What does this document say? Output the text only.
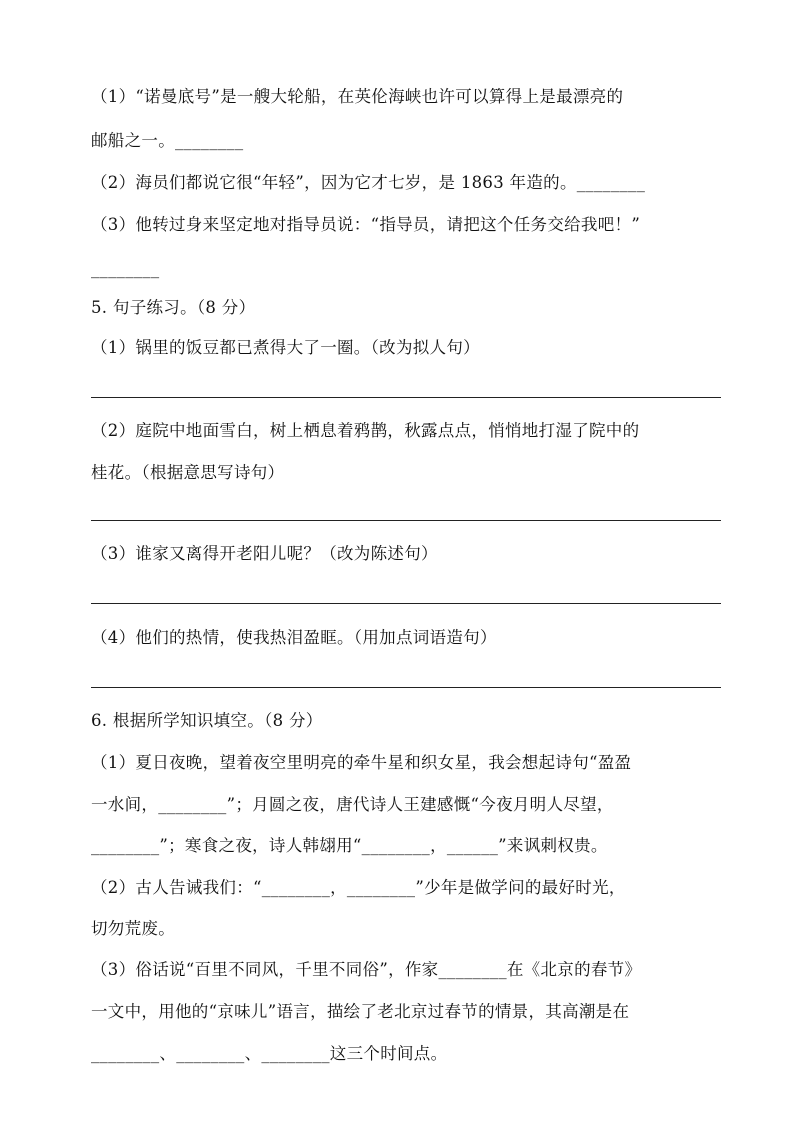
（1）“诺曼底号”是一艘大轮船，在英伦海峡也许可以算得上是最漂亮的
邮船之一。________
（2）海员们都说它很“年轻”，因为它才七岁，是 1863 年造的。________
（3）他转过身来坚定地对指导员说：“指导员，请把这个任务交给我吧！”
________
5. 句子练习。（8 分）
（1）锅里的饭豆都已煮得大了一圈。（改为拟人句）
（2）庭院中地面雪白，树上栖息着鸦鹊，秋露点点，悄悄地打湿了院中的
桂花。（根据意思写诗句）
（3）谁家又离得开老阳儿呢？（改为陈述句）
（4）他们的热情，使我热泪盈眶。（用加点词语造句）
6. 根据所学知识填空。（8 分）
（1）夏日夜晚，望着夜空里明亮的牵牛星和织女星，我会想起诗句“盈盈
一水间，________”；月圆之夜，唐代诗人王建感慨“今夜月明人尽望，
________”；寒食之夜，诗人韩翃用“________，______”来讽刺权贵。
（2）古人告诫我们：“________，________”少年是做学问的最好时光，
切勿荒废。
（3）俗话说“百里不同风，千里不同俗”，作家________在《北京的春节》
一文中，用他的“京味儿”语言，描绘了老北京过春节的情景，其高潮是在
________、________、________这三个时间点。
